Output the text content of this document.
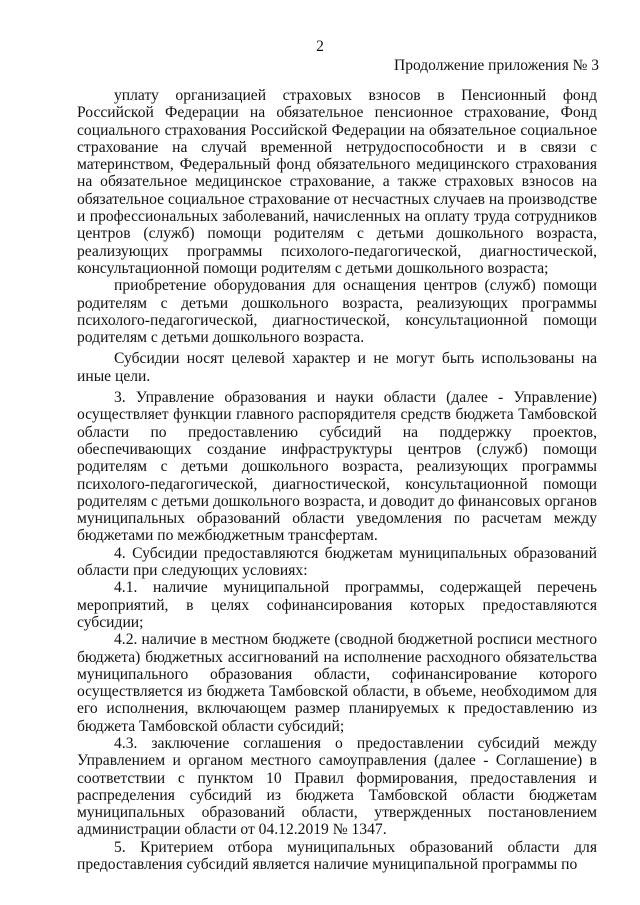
2
Продолжение приложения № 3

уплату организацией страховых взносов в Пенсионный фонд Российской Федерации на обязательное пенсионное страхование, Фонд социального страхования Российской Федерации на обязательное социальное страхование на случай временной нетрудоспособности и в связи с материнством, Федеральный фонд обязательного медицинского страхования на обязательное медицинское страхование, а также страховых взносов на обязательное социальное страхование от несчастных случаев на производстве и профессиональных заболеваний, начисленных на оплату труда сотрудников центров (служб) помощи родителям с детьми дошкольного возраста, реализующих программы психолого-педагогической, диагностической, консультационной помощи родителям с детьми дошкольного возраста;

приобретение оборудования для оснащения центров (служб) помощи родителям с детьми дошкольного возраста, реализующих программы психолого-педагогической, диагностической, консультационной помощи родителям с детьми дошкольного возраста.

Субсидии носят целевой характер и не могут быть использованы на иные цели.

3. Управление образования и науки области (далее - Управление) осуществляет функции главного распорядителя средств бюджета Тамбовской области по предоставлению субсидий на поддержку проектов, обеспечивающих создание инфраструктуры центров (служб) помощи родителям с детьми дошкольного возраста, реализующих программы психолого-педагогической, диагностической, консультационной помощи родителям с детьми дошкольного возраста, и доводит до финансовых органов муниципальных образований области уведомления по расчетам между бюджетами по межбюджетным трансфертам.

4. Субсидии предоставляются бюджетам муниципальных образований области при следующих условиях:

4.1. наличие муниципальной программы, содержащей перечень мероприятий, в целях софинансирования которых предоставляются субсидии;

4.2. наличие в местном бюджете (сводной бюджетной росписи местного бюджета) бюджетных ассигнований на исполнение расходного обязательства муниципального образования области, софинансирование которого осуществляется из бюджета Тамбовской области, в объеме, необходимом для его исполнения, включающем размер планируемых к предоставлению из бюджета Тамбовской области субсидий;

4.3. заключение соглашения о предоставлении субсидий между Управлением и органом местного самоуправления (далее - Соглашение) в соответствии с пунктом 10 Правил формирования, предоставления и распределения субсидий из бюджета Тамбовской области бюджетам муниципальных образований области, утвержденных постановлением администрации области от 04.12.2019 № 1347.

5. Критерием отбора муниципальных образований области для предоставления субсидий является наличие муниципальной программы по
